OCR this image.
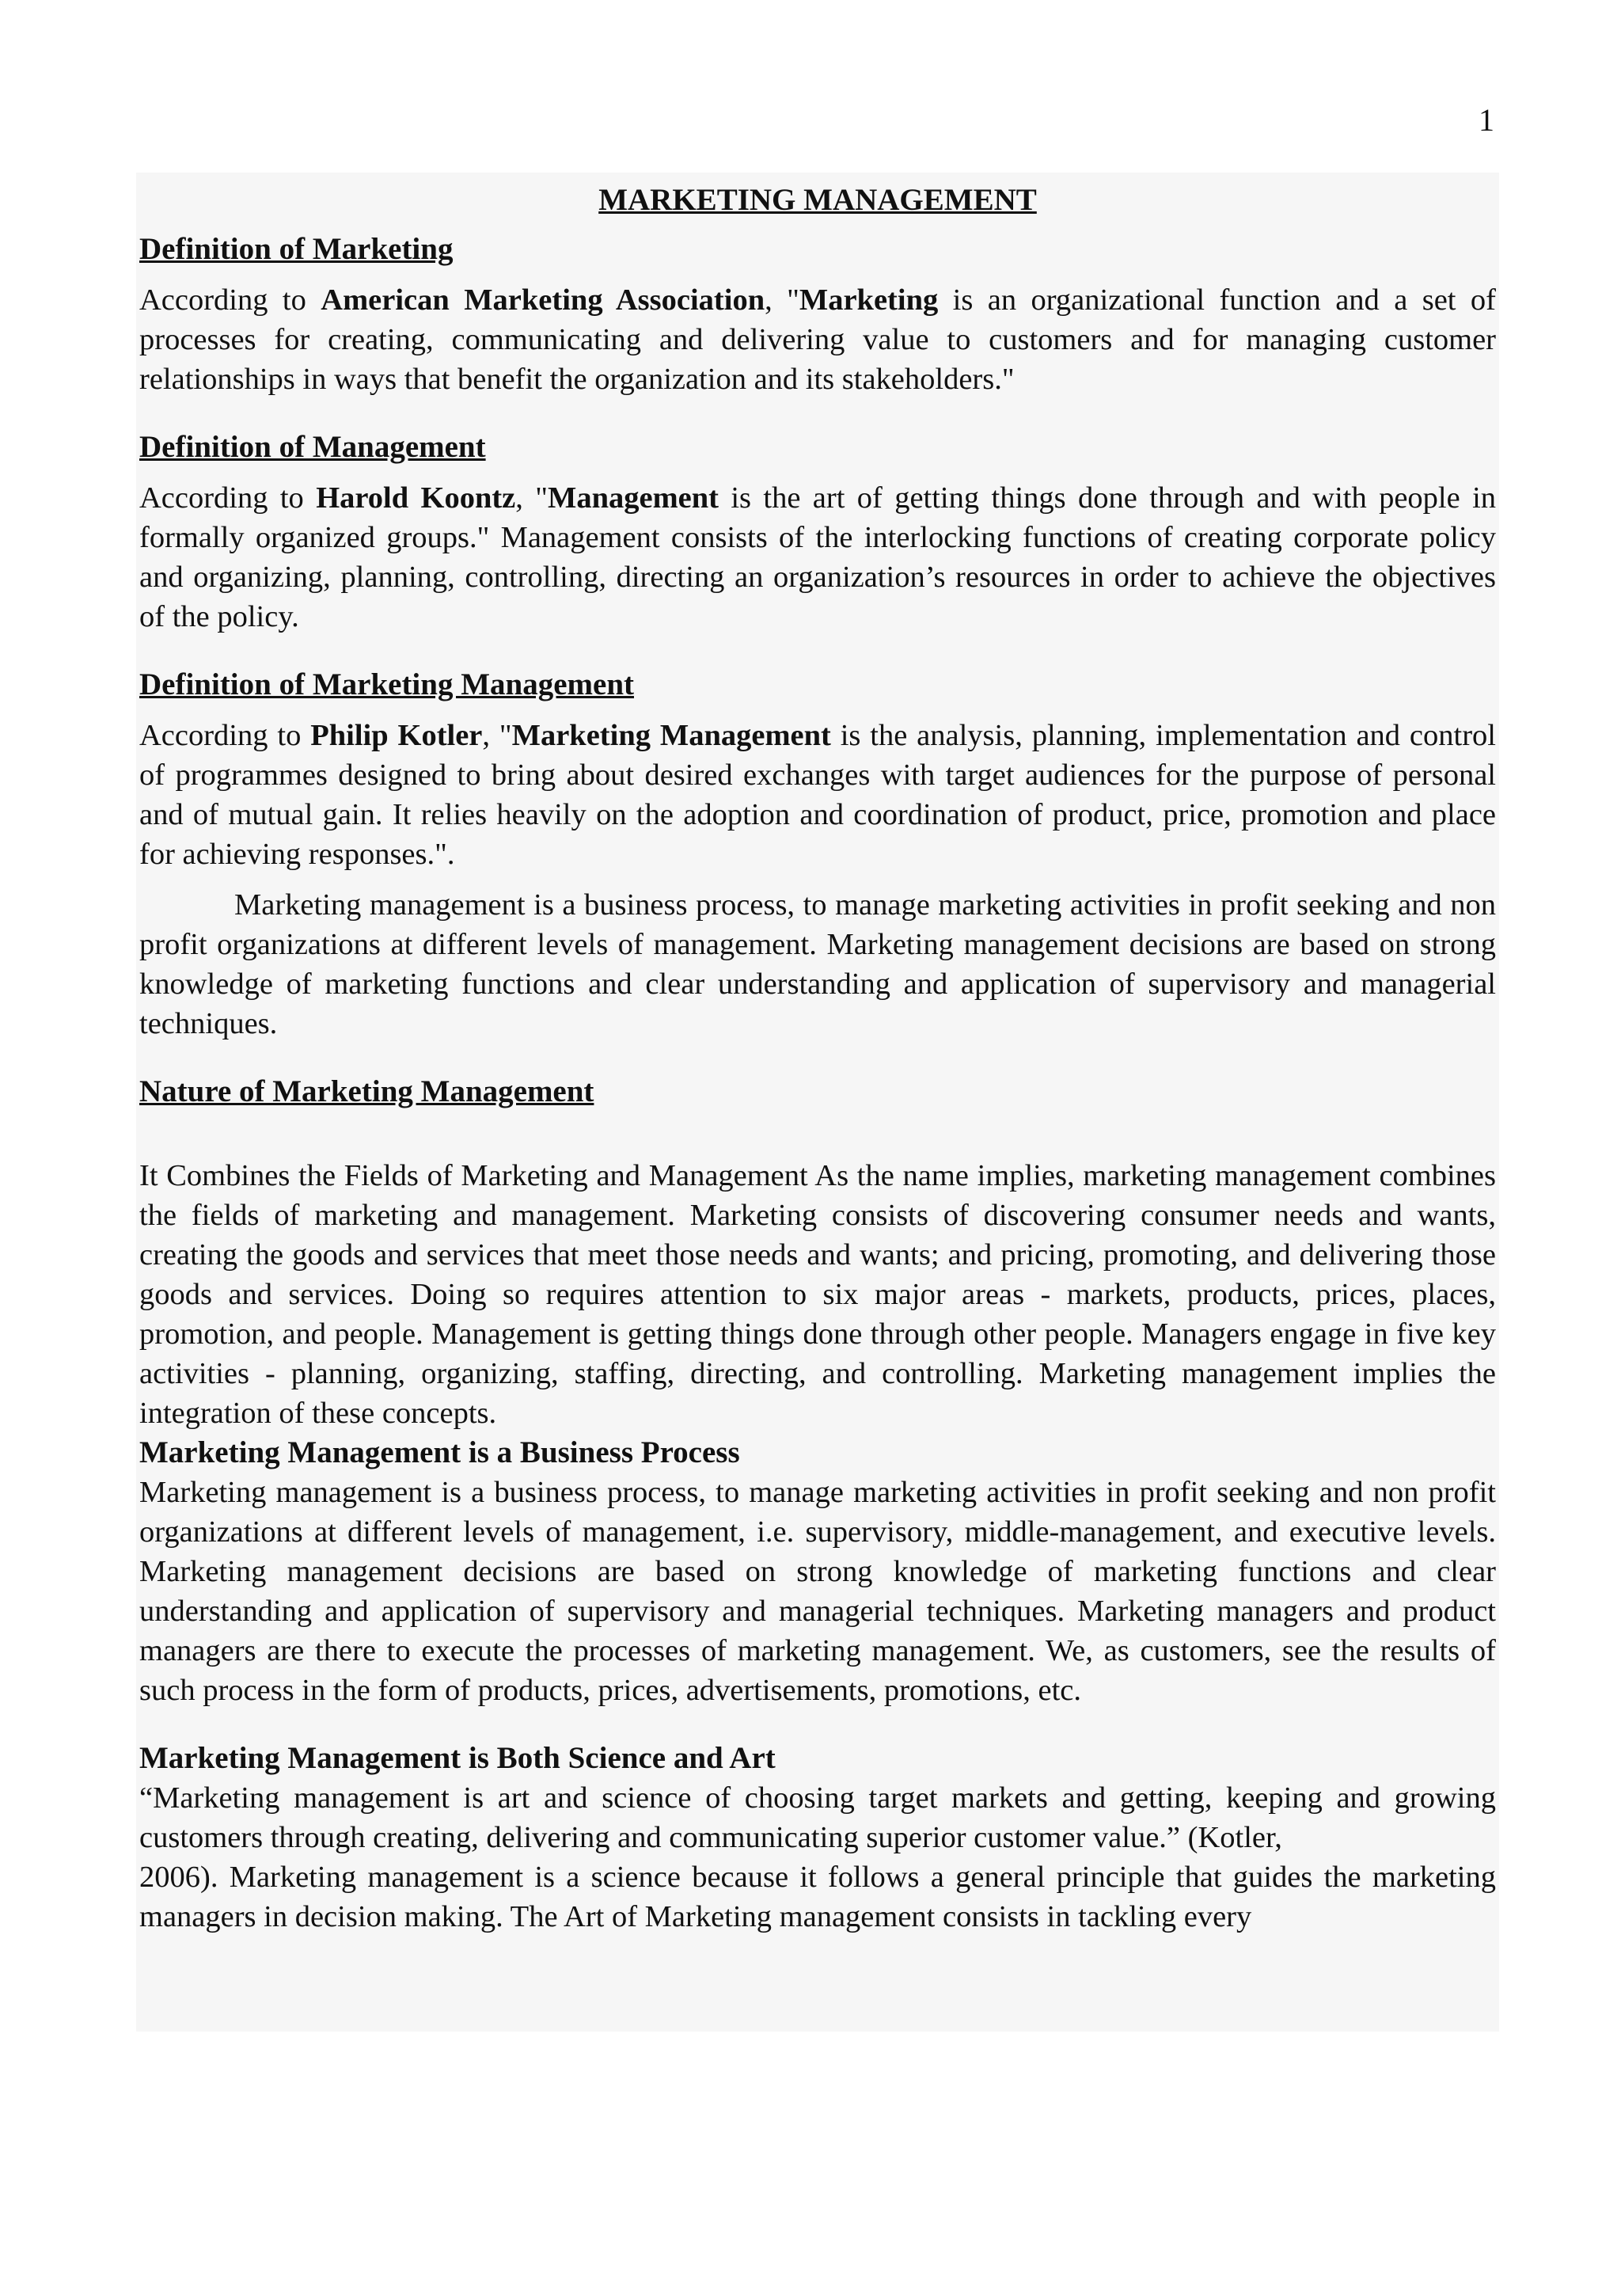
1
MARKETING MANAGEMENT
Definition of Marketing

According to American Marketing Association, "Marketing is an organizational function and a set of processes for creating, communicating and delivering value to customers and for managing customer relationships in ways that benefit the organization and its stakeholders."

Definition of Management

According to Harold Koontz, "Management is the art of getting things done through and with people in formally organized groups." Management consists of the interlocking functions of creating corporate policy and organizing, planning, controlling, directing an organization’s resources in order to achieve the objectives of the policy.

Definition of Marketing Management

According to Philip Kotler, "Marketing Management is the analysis, planning, implementation and control of programmes designed to bring about desired exchanges with target audiences for the purpose of personal and of mutual gain. It relies heavily on the adoption and coordination of product, price, promotion and place for achieving responses.".

Marketing management is a business process, to manage marketing activities in profit seeking and non profit organizations at different levels of management. Marketing management decisions are based on strong knowledge of marketing functions and clear understanding and application of supervisory and managerial techniques.

Nature of Marketing Management

It Combines the Fields of Marketing and Management As the name implies, marketing management combines the fields of marketing and management. Marketing consists of discovering consumer needs and wants, creating the goods and services that meet those needs and wants; and pricing, promoting, and delivering those goods and services. Doing so requires attention to six major areas - markets, products, prices, places, promotion, and people. Management is getting things done through other people. Managers engage in five key activities - planning, organizing, staffing, directing, and controlling. Marketing management implies the integration of these concepts.

Marketing Management is a Business Process

Marketing management is a business process, to manage marketing activities in profit seeking and non profit organizations at different levels of management, i.e. supervisory, middle-management, and executive levels. Marketing management decisions are based on strong knowledge of marketing functions and clear understanding and application of supervisory and managerial techniques. Marketing managers and product managers are there to execute the processes of marketing management. We, as customers, see the results of such process in the form of products, prices, advertisements, promotions, etc.

Marketing Management is Both Science and Art

“Marketing management is art and science of choosing target markets and getting, keeping and growing customers through creating, delivering and communicating superior customer value.” (Kotler,

2006). Marketing management is a science because it follows a general principle that guides the marketing managers in decision making. The Art of Marketing management consists in tackling every
